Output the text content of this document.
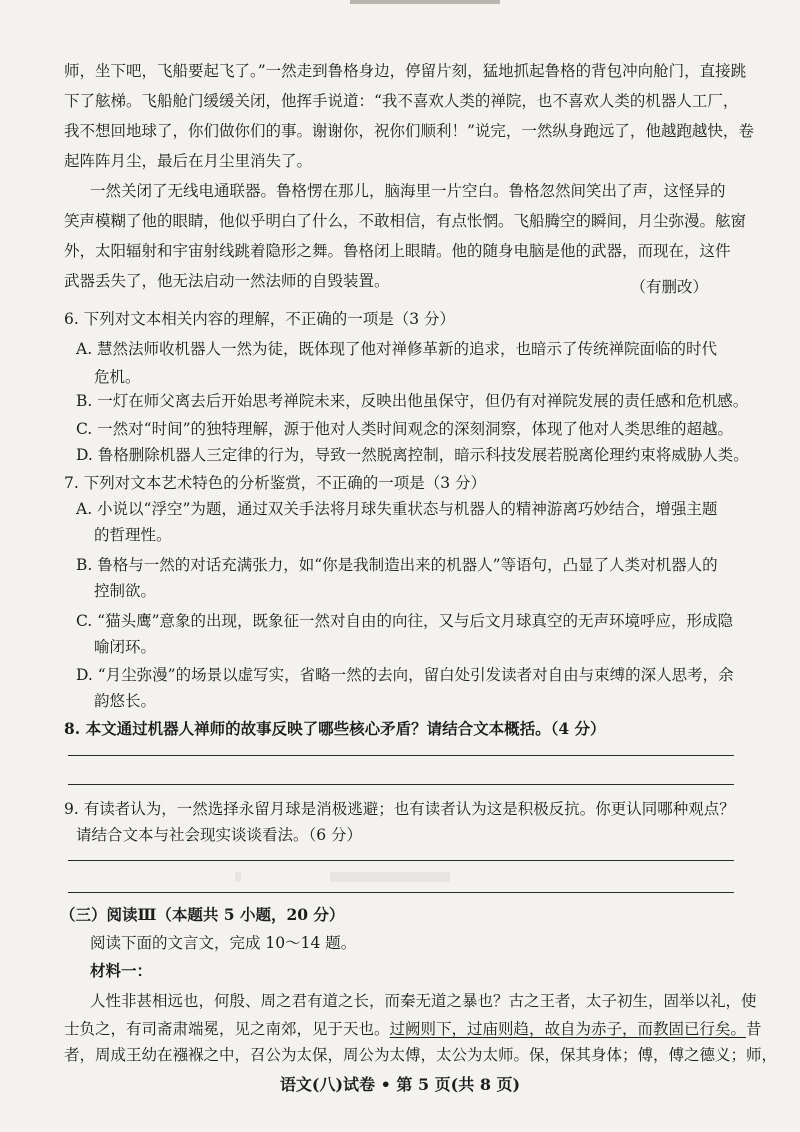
师，坐下吧，飞船要起飞了。”一然走到鲁格身边，停留片刻，猛地抓起鲁格的背包冲向舱门，直接跳
下了舷梯。飞船舱门缓缓关闭，他挥手说道：“我不喜欢人类的禅院，也不喜欢人类的机器人工厂，
我不想回地球了，你们做你们的事。谢谢你，祝你们顺利！”说完，一然纵身跑远了，他越跑越快，卷
起阵阵月尘，最后在月尘里消失了。
一然关闭了无线电通联器。鲁格愣在那儿，脑海里一片空白。鲁格忽然间笑出了声，这怪异的
笑声模糊了他的眼睛，他似乎明白了什么，不敢相信，有点怅惘。飞船腾空的瞬间，月尘弥漫。舷窗
外，太阳辐射和宇宙射线跳着隐形之舞。鲁格闭上眼睛。他的随身电脑是他的武器，而现在，这件
武器丢失了，他无法启动一然法师的自毁装置。	（有删改）
6. 下列对文本相关内容的理解，不正确的一项是（3 分）
A. 慧然法师收机器人一然为徒，既体现了他对禅修革新的追求，也暗示了传统禅院面临的时代
危机。
B. 一灯在师父离去后开始思考禅院未来，反映出他虽保守，但仍有对禅院发展的责任感和危机感。
C. 一然对“时间”的独特理解，源于他对人类时间观念的深刻洞察，体现了他对人类思维的超越。
D. 鲁格删除机器人三定律的行为，导致一然脱离控制，暗示科技发展若脱离伦理约束将威胁人类。
7. 下列对文本艺术特色的分析鉴赏，不正确的一项是（3 分）
A. 小说以“浮空”为题，通过双关手法将月球失重状态与机器人的精神游离巧妙结合，增强主题
的哲理性。
B. 鲁格与一然的对话充满张力，如“你是我制造出来的机器人”等语句，凸显了人类对机器人的
控制欲。
C. “猫头鹰”意象的出现，既象征一然对自由的向往，又与后文月球真空的无声环境呼应，形成隐
喻闭环。
D. “月尘弥漫”的场景以虚写实，省略一然的去向，留白处引发读者对自由与束缚的深人思考，余
韵悠长。
8. 本文通过机器人禅师的故事反映了哪些核心矛盾？请结合文本概括。（4 分）
9. 有读者认为，一然选择永留月球是消极逃避；也有读者认为这是积极反抗。你更认同哪种观点？
请结合文本与社会现实谈谈看法。（6 分）
（三）阅读Ⅲ（本题共 5 小题，20 分）
阅读下面的文言文，完成 10～14 题。
材料一：
人性非甚相远也，何殷、周之君有道之长，而秦无道之暴也？古之王者，太子初生，固举以礼，使
士负之，有司斋肃端冕，见之南郊，见于天也。过阙则下，过庙则趋，故自为赤子，而教固已行矣。昔
者，周成王幼在襁褓之中，召公为太保，周公为太傅，太公为太师。保，保其身体；傅，傅之德义；师，
语文(八)试卷 • 第 5 页(共 8 页)
